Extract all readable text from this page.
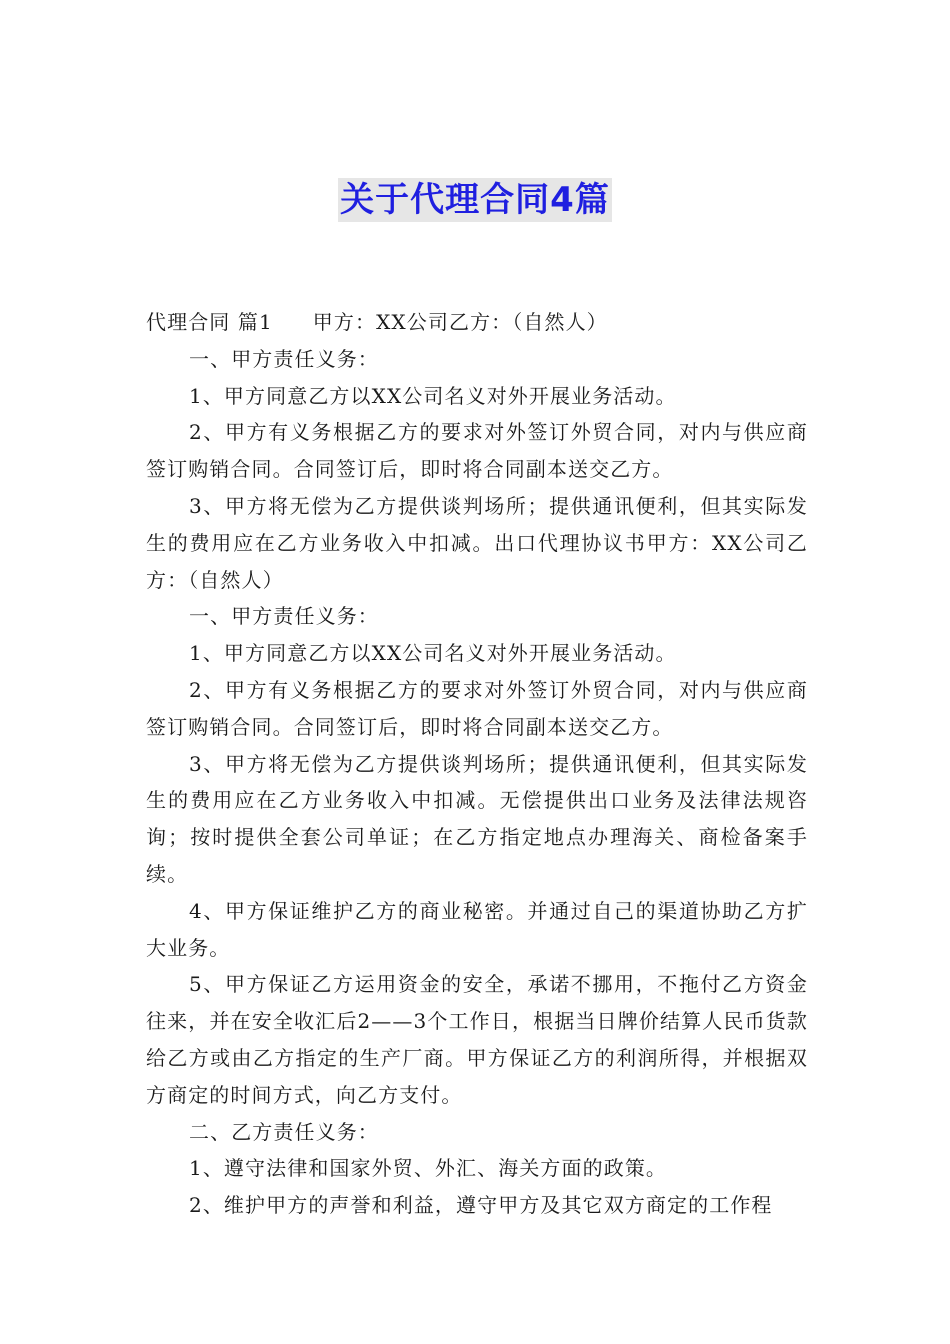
关于代理合同4篇

代理合同 篇1 甲方：XX公司乙方：（自然人）

一、甲方责任义务：

1、甲方同意乙方以XX公司名义对外开展业务活动。

2、甲方有义务根据乙方的要求对外签订外贸合同，对内与供应商签订购销合同。合同签订后，即时将合同副本送交乙方。

3、甲方将无偿为乙方提供谈判场所；提供通讯便利，但其实际发生的费用应在乙方业务收入中扣减。出口代理协议书甲方：XX公司乙方：（自然人）

一、甲方责任义务：

1、甲方同意乙方以XX公司名义对外开展业务活动。

2、甲方有义务根据乙方的要求对外签订外贸合同，对内与供应商签订购销合同。合同签订后，即时将合同副本送交乙方。

3、甲方将无偿为乙方提供谈判场所；提供通讯便利，但其实际发生的费用应在乙方业务收入中扣减。无偿提供出口业务及法律法规咨询；按时提供全套公司单证；在乙方指定地点办理海关、商检备案手续。

4、甲方保证维护乙方的商业秘密。并通过自己的渠道协助乙方扩大业务。

5、甲方保证乙方运用资金的安全，承诺不挪用，不拖付乙方资金往来，并在安全收汇后2——3个工作日，根据当日牌价结算人民币货款给乙方或由乙方指定的生产厂商。甲方保证乙方的利润所得，并根据双方商定的时间方式，向乙方支付。

二、乙方责任义务：

1、遵守法律和国家外贸、外汇、海关方面的政策。

2、维护甲方的声誉和利益，遵守甲方及其它双方商定的工作程
